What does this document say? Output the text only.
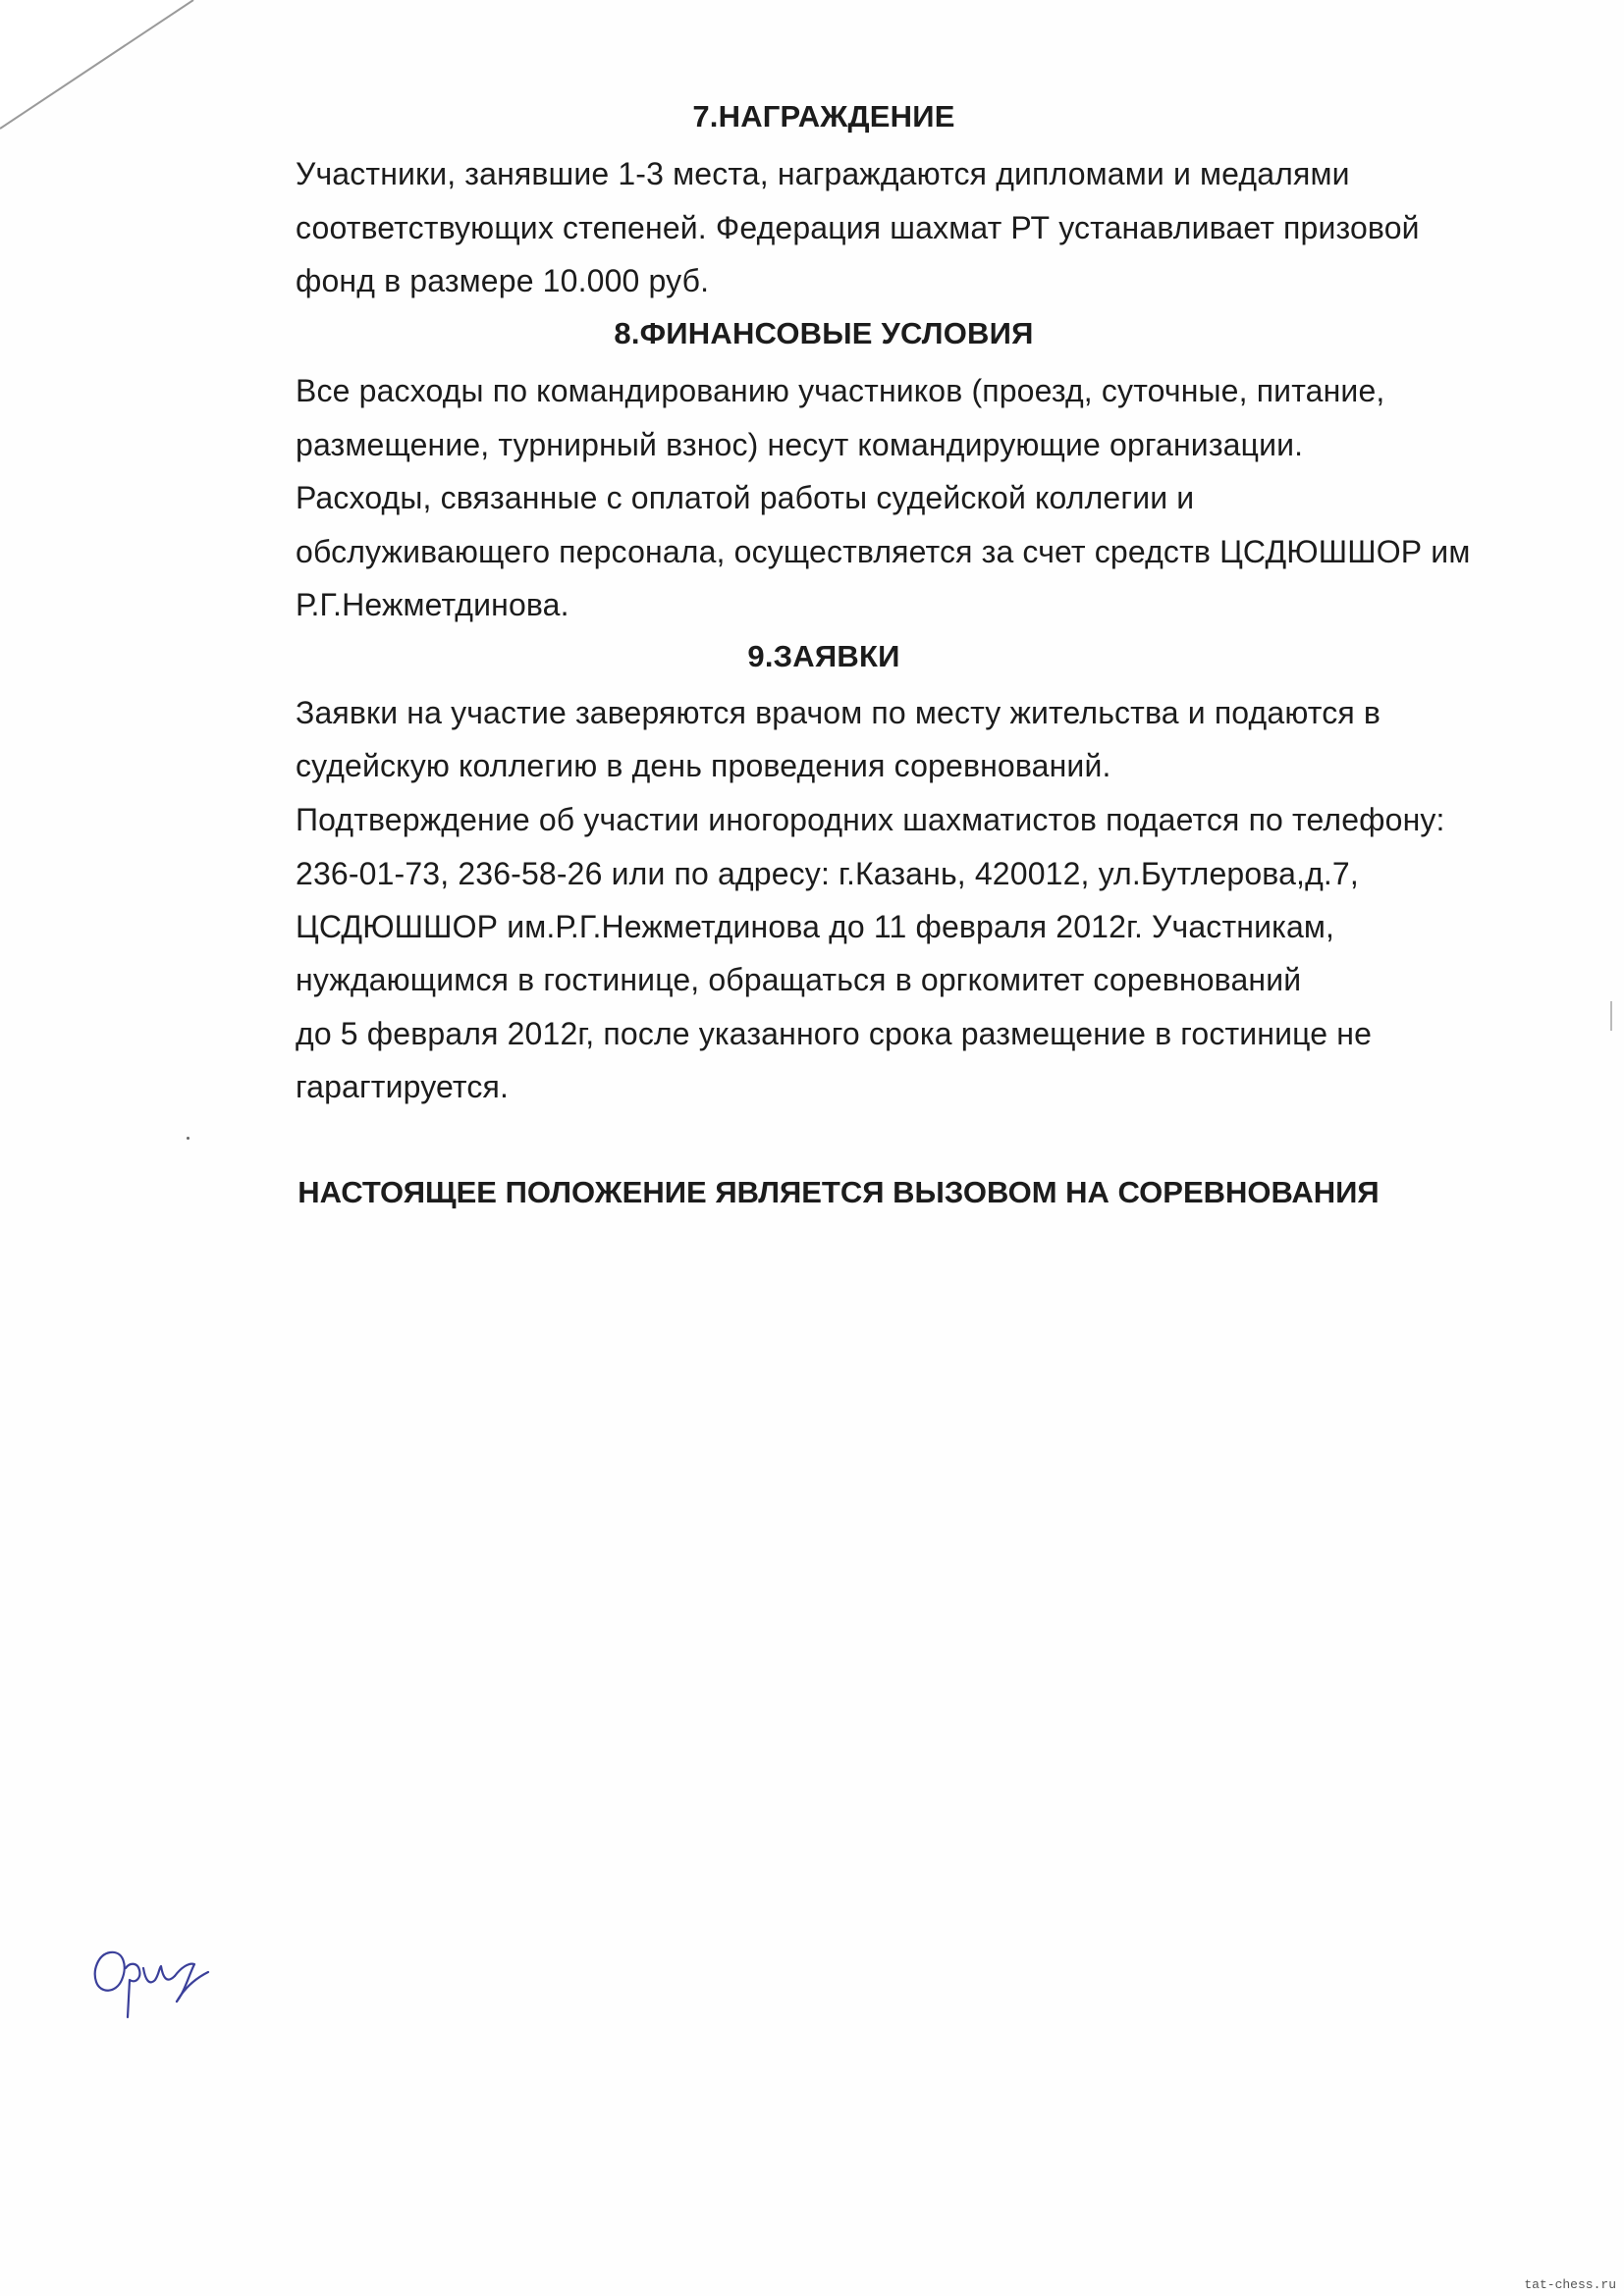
7.НАГРАЖДЕНИЕ
Участники, занявшие 1-3 места, награждаются дипломами и медалями
соответствующих степеней. Федерация шахмат РТ устанавливает призовой
фонд в размере 10.000 руб.
8.ФИНАНСОВЫЕ УСЛОВИЯ
Все расходы по командированию участников (проезд, суточные, питание,
размещение, турнирный взнос) несут командирующие организации.
Расходы, связанные с оплатой работы судейской коллегии и
обслуживающего персонала, осуществляется за счет средств ЦСДЮШШОР им
Р.Г.Нежметдинова.
9.ЗАЯВКИ
Заявки на участие заверяются врачом по месту жительства и подаются в
судейскую коллегию в день проведения соревнований.
Подтверждение об участии иногородних шахматистов подается по телефону:
236-01-73, 236-58-26 или по адресу: г.Казань, 420012, ул.Бутлерова,д.7,
ЦСДЮШШОР им.Р.Г.Нежметдинова до 11 февраля 2012г. Участникам,
нуждающимся в гостинице, обращаться в оргкомитет соревнований
до 5 февраля 2012г, после указанного срока размещение в гостинице не
гарагтируется.
НАСТОЯЩЕЕ ПОЛОЖЕНИЕ ЯВЛЯЕТСЯ ВЫЗОВОМ НА СОРЕВНОВАНИЯ
tat-chess.ru
